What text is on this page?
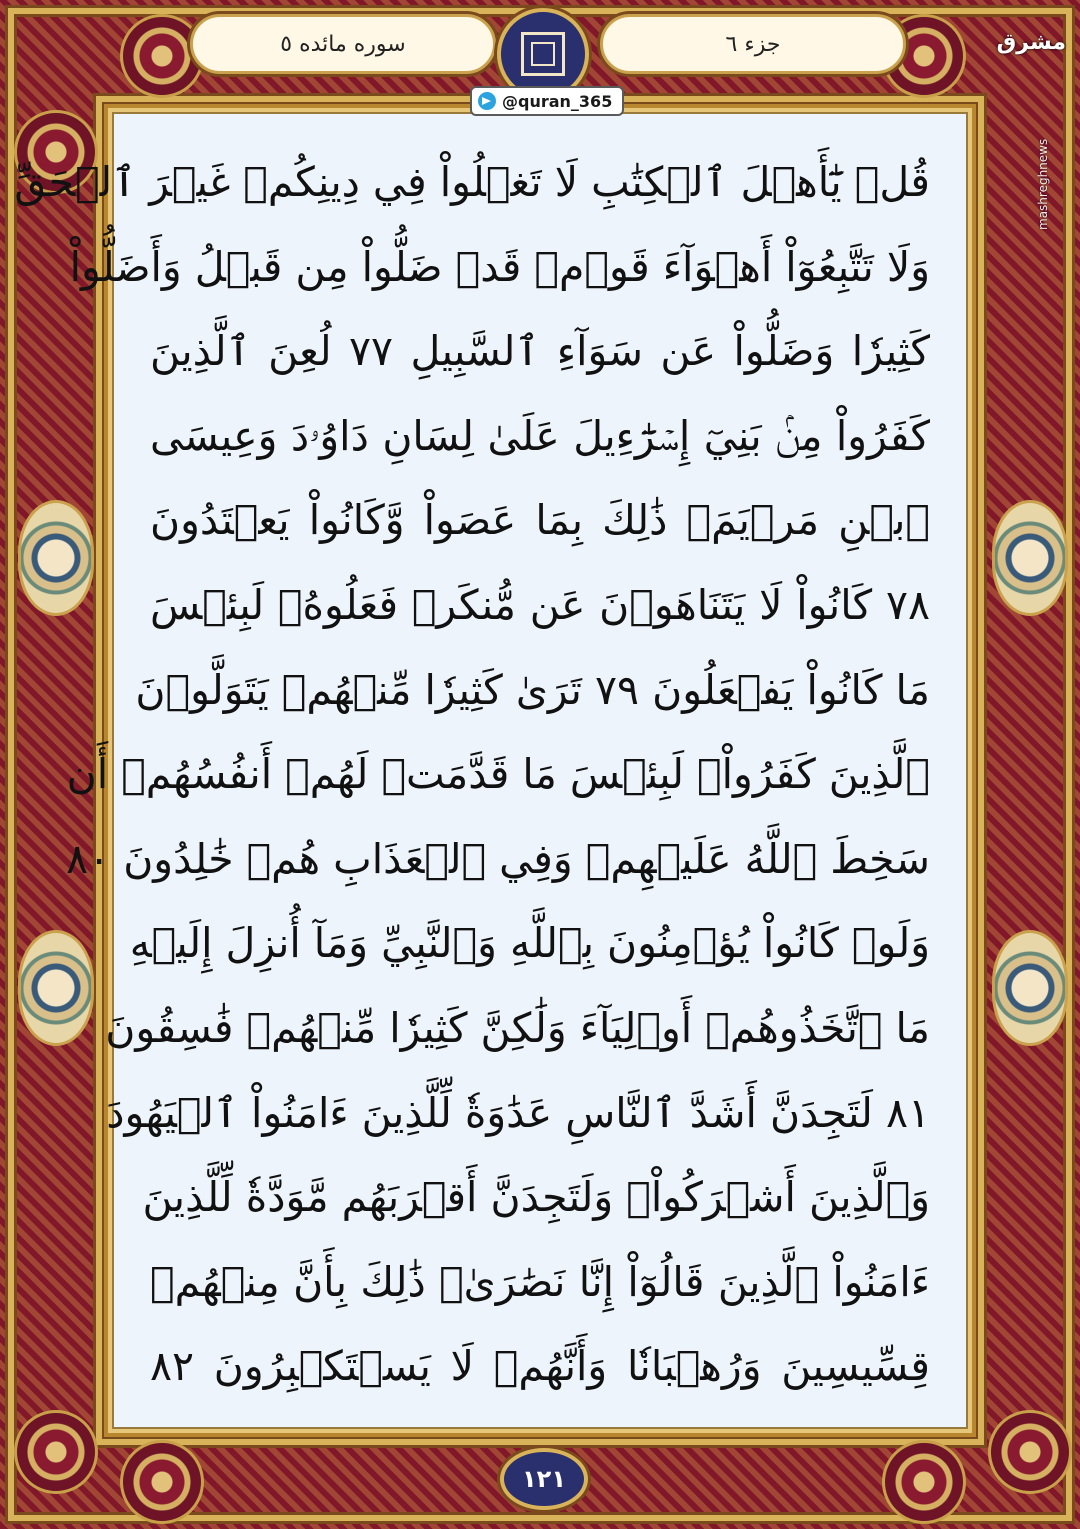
سوره مائده ٥	جزء ٦
@quran_365
مشرق
mashreghnews
قُلۡ يَٰٓأَهۡلَ ٱلۡكِتَٰبِ لَا تَغۡلُواْ فِي دِينِكُمۡ غَيۡرَ ٱلۡحَقِّ
وَلَا تَتَّبِعُوٓاْ أَهۡوَآءَ قَوۡمٖ قَدۡ ضَلُّواْ مِن قَبۡلُ وَأَضَلُّواْ
كَثِيرٗا وَضَلُّواْ عَن سَوَآءِ ٱلسَّبِيلِ ٧٧ لُعِنَ ٱلَّذِينَ
كَفَرُواْ مِنۢ بَنِيٓ إِسۡرَٰٓءِيلَ عَلَىٰ لِسَانِ دَاوُۥدَ وَعِيسَى
ٱبۡنِ مَرۡيَمَۚ ذَٰلِكَ بِمَا عَصَواْ وَّكَانُواْ يَعۡتَدُونَ
٧٨ كَانُواْ لَا يَتَنَاهَوۡنَ عَن مُّنكَرٖ فَعَلُوهُۚ لَبِئۡسَ
مَا كَانُواْ يَفۡعَلُونَ ٧٩ تَرَىٰ كَثِيرٗا مِّنۡهُمۡ يَتَوَلَّوۡنَ
ٱلَّذِينَ كَفَرُواْۚ لَبِئۡسَ مَا قَدَّمَتۡ لَهُمۡ أَنفُسُهُمۡ أَن
سَخِطَ ٱللَّهُ عَلَيۡهِمۡ وَفِي ٱلۡعَذَابِ هُمۡ خَٰلِدُونَ ٨٠
وَلَوۡ كَانُواْ يُؤۡمِنُونَ بِٱللَّهِ وَٱلنَّبِيِّ وَمَآ أُنزِلَ إِلَيۡهِ
مَا ٱتَّخَذُوهُمۡ أَوۡلِيَآءَ وَلَٰكِنَّ كَثِيرٗا مِّنۡهُمۡ فَٰسِقُونَ
٨١ لَتَجِدَنَّ أَشَدَّ ٱلنَّاسِ عَدَٰوَةٗ لِّلَّذِينَ ءَامَنُواْ ٱلۡيَهُودَ
وَٱلَّذِينَ أَشۡرَكُواْۖ وَلَتَجِدَنَّ أَقۡرَبَهُم مَّوَدَّةٗ لِّلَّذِينَ
ءَامَنُواْ ٱلَّذِينَ قَالُوٓاْ إِنَّا نَصَٰرَىٰۚ ذَٰلِكَ بِأَنَّ مِنۡهُمۡ
قِسِّيسِينَ وَرُهۡبَانٗا وَأَنَّهُمۡ لَا يَسۡتَكۡبِرُونَ ٨٢
١٢١
